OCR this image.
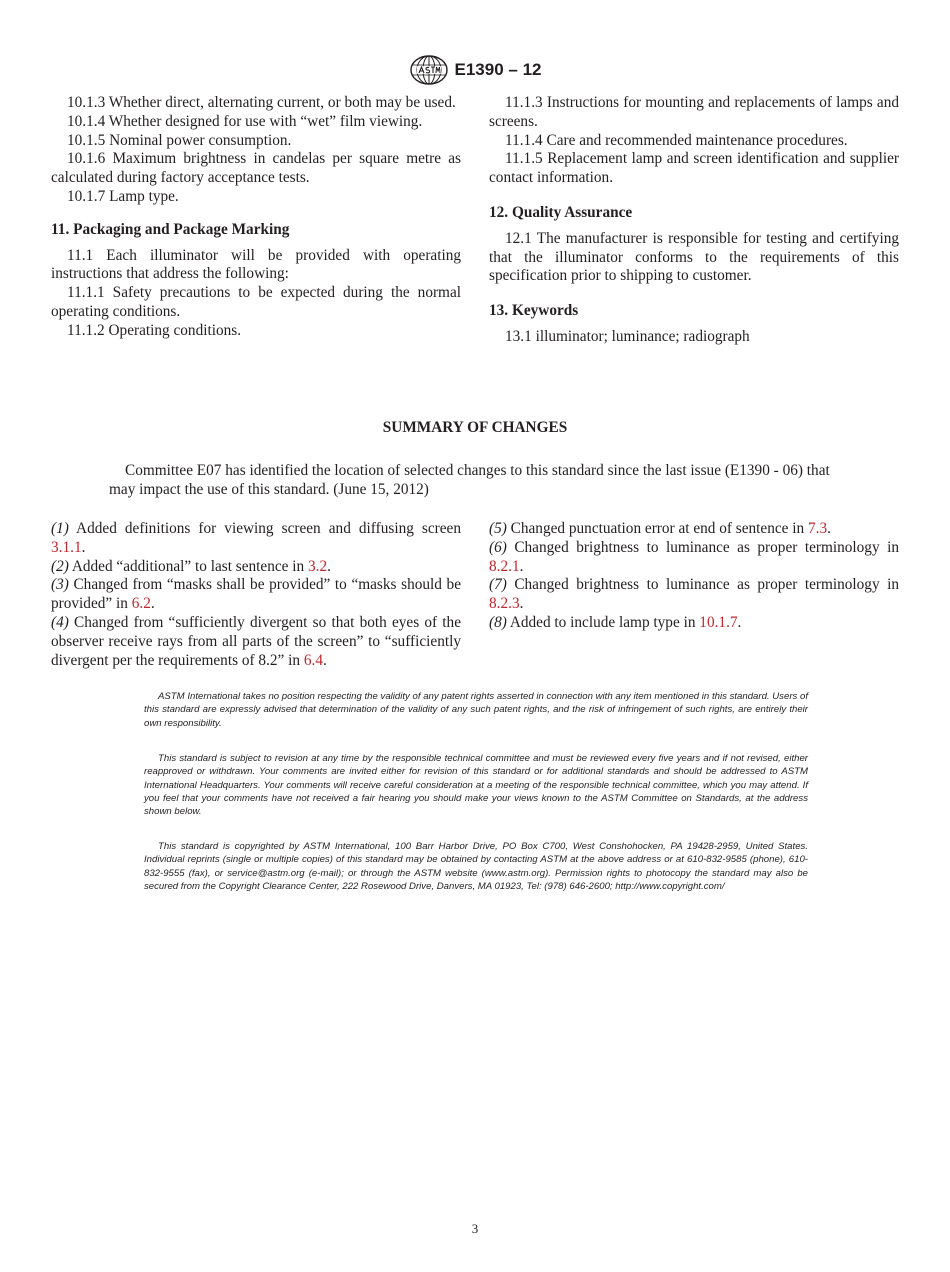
E1390 – 12

10.1.3 Whether direct, alternating current, or both may be used.

10.1.4 Whether designed for use with “wet” film viewing.

10.1.5 Nominal power consumption.

10.1.6 Maximum brightness in candelas per square metre as calculated during factory acceptance tests.

10.1.7 Lamp type.

11. Packaging and Package Marking

11.1 Each illuminator will be provided with operating instructions that address the following:

11.1.1 Safety precautions to be expected during the normal operating conditions.

11.1.2 Operating conditions.

11.1.3 Instructions for mounting and replacements of lamps and screens.

11.1.4 Care and recommended maintenance procedures.

11.1.5 Replacement lamp and screen identification and supplier contact information.

12. Quality Assurance

12.1 The manufacturer is responsible for testing and certifying that the illuminator conforms to the requirements of this specification prior to shipping to customer.

13. Keywords

13.1 illuminator; luminance; radiograph

SUMMARY OF CHANGES

Committee E07 has identified the location of selected changes to this standard since the last issue (E1390 - 06) that may impact the use of this standard. (June 15, 2012)

(1) Added definitions for viewing screen and diffusing screen 3.1.1.

(2) Added “additional” to last sentence in 3.2.

(3) Changed from “masks shall be provided” to “masks should be provided” in 6.2.

(4) Changed from “sufficiently divergent so that both eyes of the observer receive rays from all parts of the screen” to “sufficiently divergent per the requirements of 8.2” in 6.4.

(5) Changed punctuation error at end of sentence in 7.3.

(6) Changed brightness to luminance as proper terminology in 8.2.1.

(7) Changed brightness to luminance as proper terminology in 8.2.3.

(8) Added to include lamp type in 10.1.7.

ASTM International takes no position respecting the validity of any patent rights asserted in connection with any item mentioned in this standard. Users of this standard are expressly advised that determination of the validity of any such patent rights, and the risk of infringement of such rights, are entirely their own responsibility.

This standard is subject to revision at any time by the responsible technical committee and must be reviewed every five years and if not revised, either reapproved or withdrawn. Your comments are invited either for revision of this standard or for additional standards and should be addressed to ASTM International Headquarters. Your comments will receive careful consideration at a meeting of the responsible technical committee, which you may attend. If you feel that your comments have not received a fair hearing you should make your views known to the ASTM Committee on Standards, at the address shown below.

This standard is copyrighted by ASTM International, 100 Barr Harbor Drive, PO Box C700, West Conshohocken, PA 19428-2959, United States. Individual reprints (single or multiple copies) of this standard may be obtained by contacting ASTM at the above address or at 610-832-9585 (phone), 610-832-9555 (fax), or service@astm.org (e-mail); or through the ASTM website (www.astm.org). Permission rights to photocopy the standard may also be secured from the Copyright Clearance Center, 222 Rosewood Drive, Danvers, MA 01923, Tel: (978) 646-2600; http://www.copyright.com/

3
